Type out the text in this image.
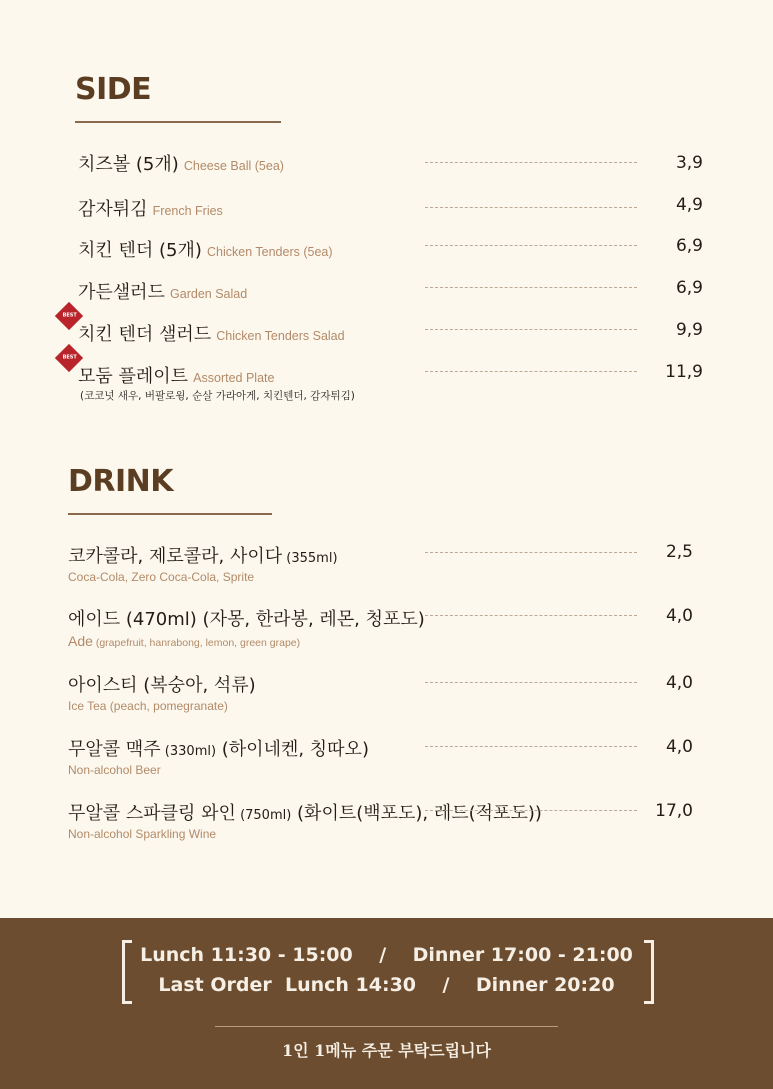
SIDE
치즈볼 (5개) Cheese Ball (5ea)	3,9
감자튀김 French Fries	4,9
치킨 텐더 (5개) Chicken Tenders (5ea)	6,9
가든샐러드 Garden Salad	6,9
BEST
치킨 텐더 샐러드 Chicken Tenders Salad	9,9
BEST
모둠 플레이트 Assorted Plate
(코코넛 새우, 버팔로윙, 순살 가라아게, 치킨텐더, 감자튀김)
11,9
DRINK
코카콜라, 제로콜라, 사이다 (355ml)
Coca-Cola, Zero Coca-Cola, Sprite
2,5
에이드 (470ml) (자몽, 한라봉, 레몬, 청포도)
Ade (grapefruit, hanrabong, lemon, green grape)
4,0
아이스티 (복숭아, 석류)
Ice Tea (peach, pomegranate)
4,0
무알콜 맥주 (330ml) (하이네켄, 칭따오)
Non-alcohol Beer
4,0
무알콜 스파클링 와인 (750ml) (화이트(백포도), 레드(적포도))
Non-alcohol Sparkling Wine
17,0
Lunch 11:30 - 15:00    /    Dinner 17:00 - 21:00
Last Order  Lunch 14:30    /    Dinner 20:20
1인 1메뉴 주문 부탁드립니다
